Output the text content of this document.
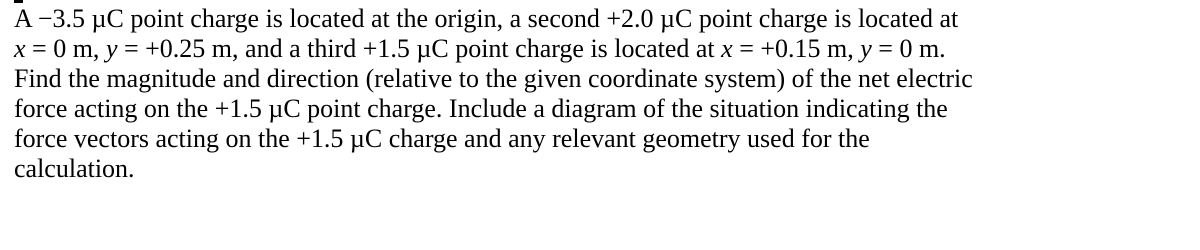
A −3.5 µC point charge is located at the origin, a second +2.0 µC point charge is located at
x = 0 m, y = +0.25 m, and a third +1.5 µC point charge is located at x = +0.15 m, y = 0 m.
Find the magnitude and direction (relative to the given coordinate system) of the net electric
force acting on the +1.5 µC point charge. Include a diagram of the situation indicating the
force vectors acting on the +1.5 µC charge and any relevant geometry used for the
calculation.
